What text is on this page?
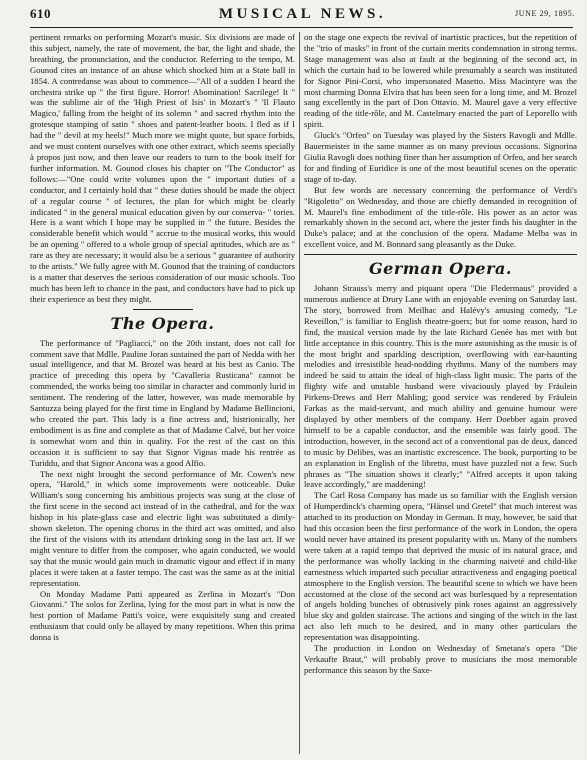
610	MUSICAL NEWS.	JUNE 29, 1895.

pertinent remarks on performing Mozart's music. Six divisions are made of this subject, namely, the rate of movement, the bar, the light and shade, the breathing, the pronunciation, and the conductor. Referring to the tempo, M. Gounod cites an instance of an abuse which shocked him at a State ball in 1854. A contredanse was about to commence—"All of a sudden I heard the orchestra strike up " the first figure. Horror! Abomination! Sacrilege! It " was the sublime air of the 'High Priest of Isis' in Mozart's " 'Il Flauto Magico,' falling from the height of its solemn " and sacred rhythm into the grotesque stamping of satin " shoes and patent-leather boots. I fled as if I had the " devil at my heels!" Much more we might quote, but space forbids, and we must content ourselves with one other extract, which seems specially à propos just now, and then leave our readers to turn to the book itself for further information. M. Gounod closes his chapter on "The Conductor" as follows:—"One could write volumes upon the " important duties of a conductor, and I certainly hold that " these duties should be made the object of a regular course " of lectures, the plan for which might be clearly indicated " in the general musical education given by our conserva- " tories. Here is a want which I hope may be supplied in " the future. Besides the considerable benefit which would " accrue to the musical works, this would be an opening " offered to a whole group of special aptitudes, which are as " rare as they are necessary; it would also be a serious " guarantee of authority to the artists." We fully agree with M. Gounod that the training of conductors is a matter that deserves the serious consideration of our music schools. Too much has been left to chance in the past, and conductors have had to pick up their experience as best they might.

The Opera.

The performance of "Pagliacci," on the 20th instant, does not call for comment save that Mdlle. Pauline Joran sustained the part of Nedda with her usual intelligence, and that M. Brozel was heard at his best as Canio. The practice of preceding this opera by "Cavalleria Rusticana" cannot be commended, the works being too similar in character and commonly lurid in sentiment. The rendering of the latter, however, was made memorable by Santuzza being played for the first time in England by Madame Bellincioni, who created the part. This lady is a fine actress and, histrionically, her embodiment is as fine and complete as that of Madame Calvé, but her voice is somewhat worn and thin in quality. For the rest of the cast on this occasion it is sufficient to say that Signor Vignas made his rentrée as Turiddu, and that Signor Ancona was a good Alfio.

The next night brought the second performance of Mr. Cowen's new opera, "Harold," in which some improvements were noticeable. Duke William's song concerning his ambitious projects was sung at the close of the first scene in the second act instead of in the cathedral, and for the wax bishop in his plate-glass case and electric light was substituted a dimly-shown skeleton. The opening chorus in the third act was omitted, and also the first of the visions with its attendant drinking song in the last act. If we might venture to differ from the composer, who again conducted, we would say that the music would gain much in dramatic vigour and effect if in many places it were taken at a faster tempo. The cast was the same as at the initial representation.

On Monday Madame Patti appeared as Zerlina in Mozart's "Don Giovanni." The solos for Zerlina, lying for the most part in what is now the best portion of Madame Patti's voice, were exquisitely sung and created enthusiasm that could only be allayed by many repetitions. When this prima donna is

on the stage one expects the revival of inartistic practices, but the repetition of the "trio of masks" in front of the curtain merits condemnation in strong terms. Stage management was also at fault at the beginning of the second act, in which the curtain had to be lowered while presumably a search was instituted for Signor Pini-Corsi, who impersonated Masetto. Miss Macintyre was the most charming Donna Elvira that has been seen for a long time, and M. Brozel sang excellently in the part of Don Ottavio. M. Maurel gave a very effective reading of the title-rôle, and M. Castelmary enacted the part of Leporello with spirit.

Gluck's "Orfeo" on Tuesday was played by the Sisters Ravogli and Mdlle. Bauermeister in the same manner as on many previous occasions. Signorina Giulia Ravogli does nothing finer than her assumption of Orfeo, and her search for and finding of Euridice is one of the most beautiful scenes on the operatic stage of to-day.

But few words are necessary concerning the performance of Verdi's "Rigoletto" on Wednesday, and those are chiefly demanded in recognition of M. Maurel's fine embodiment of the title-rôle. His power as an actor was remarkably shown in the second act, where the jester finds his daughter in the Duke's palace; and at the conclusion of the opera. Madame Melba was in excellent voice, and M. Bonnard sang pleasantly as the Duke.

German Opera.

Johann Strauss's merry and piquant opera "Die Fledermaus" provided a numerous audience at Drury Lane with an enjoyable evening on Saturday last. The story, borrowed from Meilhac and Halévy's amusing comedy, "Le Reveillon," is familiar to English theatre-goers; but for some reason, hard to find, the musical version made by the late Richard Genée has met with but little acceptance in this country. This is the more astonishing as the music is of the most bright and sparkling description, overflowing with ear-haunting melodies and irresistible head-nodding rhythms. Many of the numbers may indeed be said to attain the ideal of high-class light music. The parts of the flighty wife and unstable husband were vivaciously played by Fräulein Pirkens-Drews and Herr Mahling; good service was rendered by Fräulein Farkas as the maid-servant, and much ability and genuine humour were displayed by other members of the company. Herr Doebber again proved himself to be a capable conductor, and the ensemble was fairly good. The introduction, however, in the second act of a conventional pas de deux, danced to music by Delibes, was an inartistic excrescence. The book, purporting to be an explanation in English of the libretto, must have puzzled not a few. Such phrases as "The situation shows it clearly;" "Alfred accepts it upon taking leave accordingly," are maddening!

The Carl Rosa Company has made us so familiar with the English version of Humperdinck's charming opera, "Hänsel und Gretel" that much interest was attached to its production on Monday in German. It may, however, be said that had this occasion been the first performance of the work in London, the opera would never have attained its present popularity with us. Many of the numbers were taken at a rapid tempo that deprived the music of its natural grace, and the performance was wholly lacking in the charming naiveté and child-like earnestness which imparted such peculiar attractiveness and engaging poetical atmosphere to the English version. The beautiful scene to which we have been accustomed at the close of the second act was burlesqued by a representation of angels holding bunches of obtrusively pink roses against an aggressively blue sky and golden staircase. The actions and singing of the witch in the last act also left much to be desired, and in many other particulars the representation was disappointing.

The production in London on Wednesday of Smetana's opera "Die Verkaufte Braut," will probably prove to musicians the most memorable performance this season by the Saxe-
